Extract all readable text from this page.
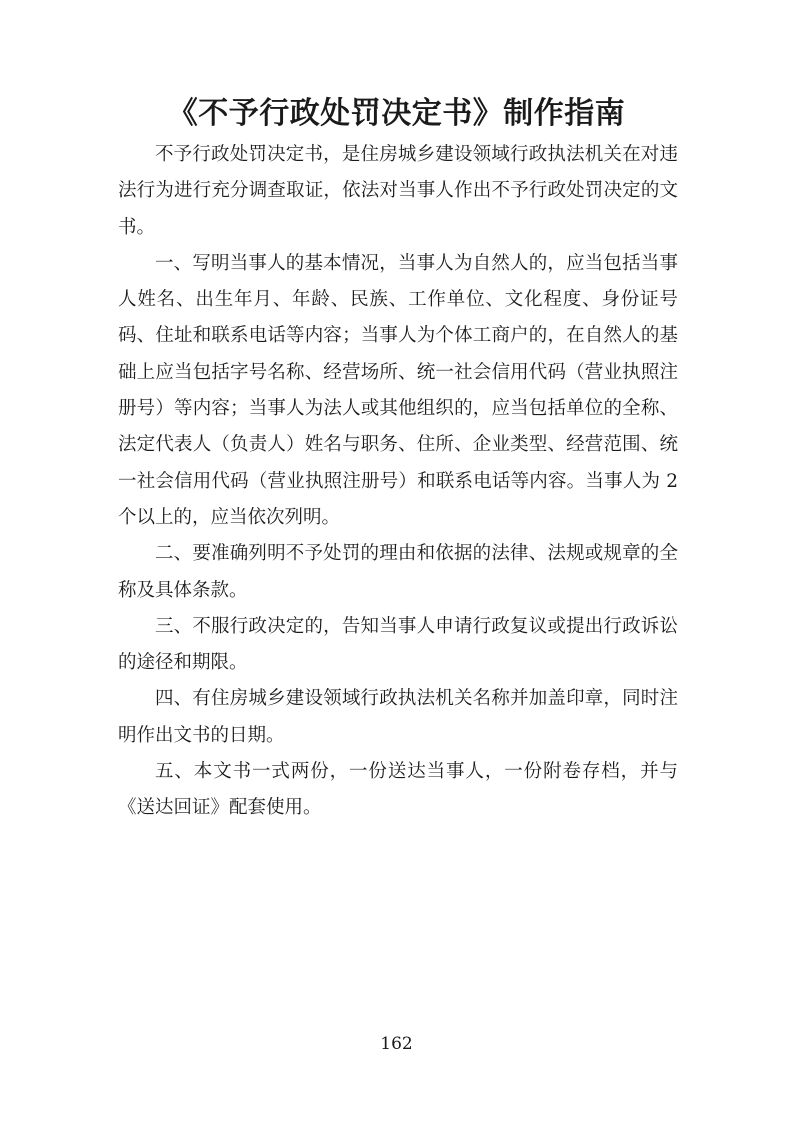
《不予行政处罚决定书》制作指南

不予行政处罚决定书，是住房城乡建设领域行政执法机关在对违法行为进行充分调查取证，依法对当事人作出不予行政处罚决定的文书。

一、写明当事人的基本情况，当事人为自然人的，应当包括当事人姓名、出生年月、年龄、民族、工作单位、文化程度、身份证号码、住址和联系电话等内容；当事人为个体工商户的，在自然人的基础上应当包括字号名称、经营场所、统一社会信用代码（营业执照注册号）等内容；当事人为法人或其他组织的，应当包括单位的全称、法定代表人（负责人）姓名与职务、住所、企业类型、经营范围、统一社会信用代码（营业执照注册号）和联系电话等内容。当事人为 2 个以上的，应当依次列明。

二、要准确列明不予处罚的理由和依据的法律、法规或规章的全称及具体条款。

三、不服行政决定的，告知当事人申请行政复议或提出行政诉讼的途径和期限。

四、有住房城乡建设领域行政执法机关名称并加盖印章，同时注明作出文书的日期。

五、本文书一式两份，一份送达当事人，一份附卷存档，并与《送达回证》配套使用。

162
